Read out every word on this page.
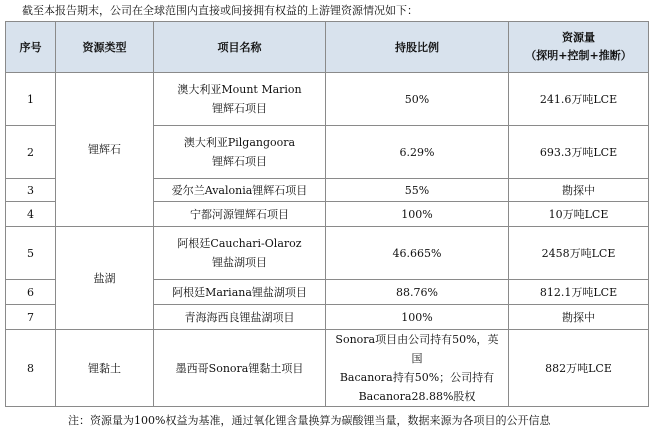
截至本报告期末，公司在全球范围内直接或间接拥有权益的上游锂资源情况如下：
序号	资源类型	项目名称	持股比例	资源量
（探明+控制+推断）

1	锂辉石	澳大利亚Mount Marion
锂辉石项目	50%	241.6万吨LCE
2		澳大利亚Pilgangoora
锂辉石项目	6.29%	693.3万吨LCE
3		爱尔兰Avalonia锂辉石项目	55%	勘探中
4		宁都河源锂辉石项目	100%	10万吨LCE
5	盐湖	阿根廷Cauchari-Olaroz
锂盐湖项目	46.665%	2458万吨LCE
6		阿根廷Mariana锂盐湖项目	88.76%	812.1万吨LCE
7		青海海西良锂盐湖项目	100%	勘探中
8	锂黏土	墨西哥Sonora锂黏土项目	Sonora项目由公司持有50%，英国
Bacanora持有50%；公司持有
Bacanora28.88%股权	882万吨LCE
注：资源量为100%权益为基准，通过氧化锂含量换算为碳酸锂当量，数据来源为各项目的公开信息
